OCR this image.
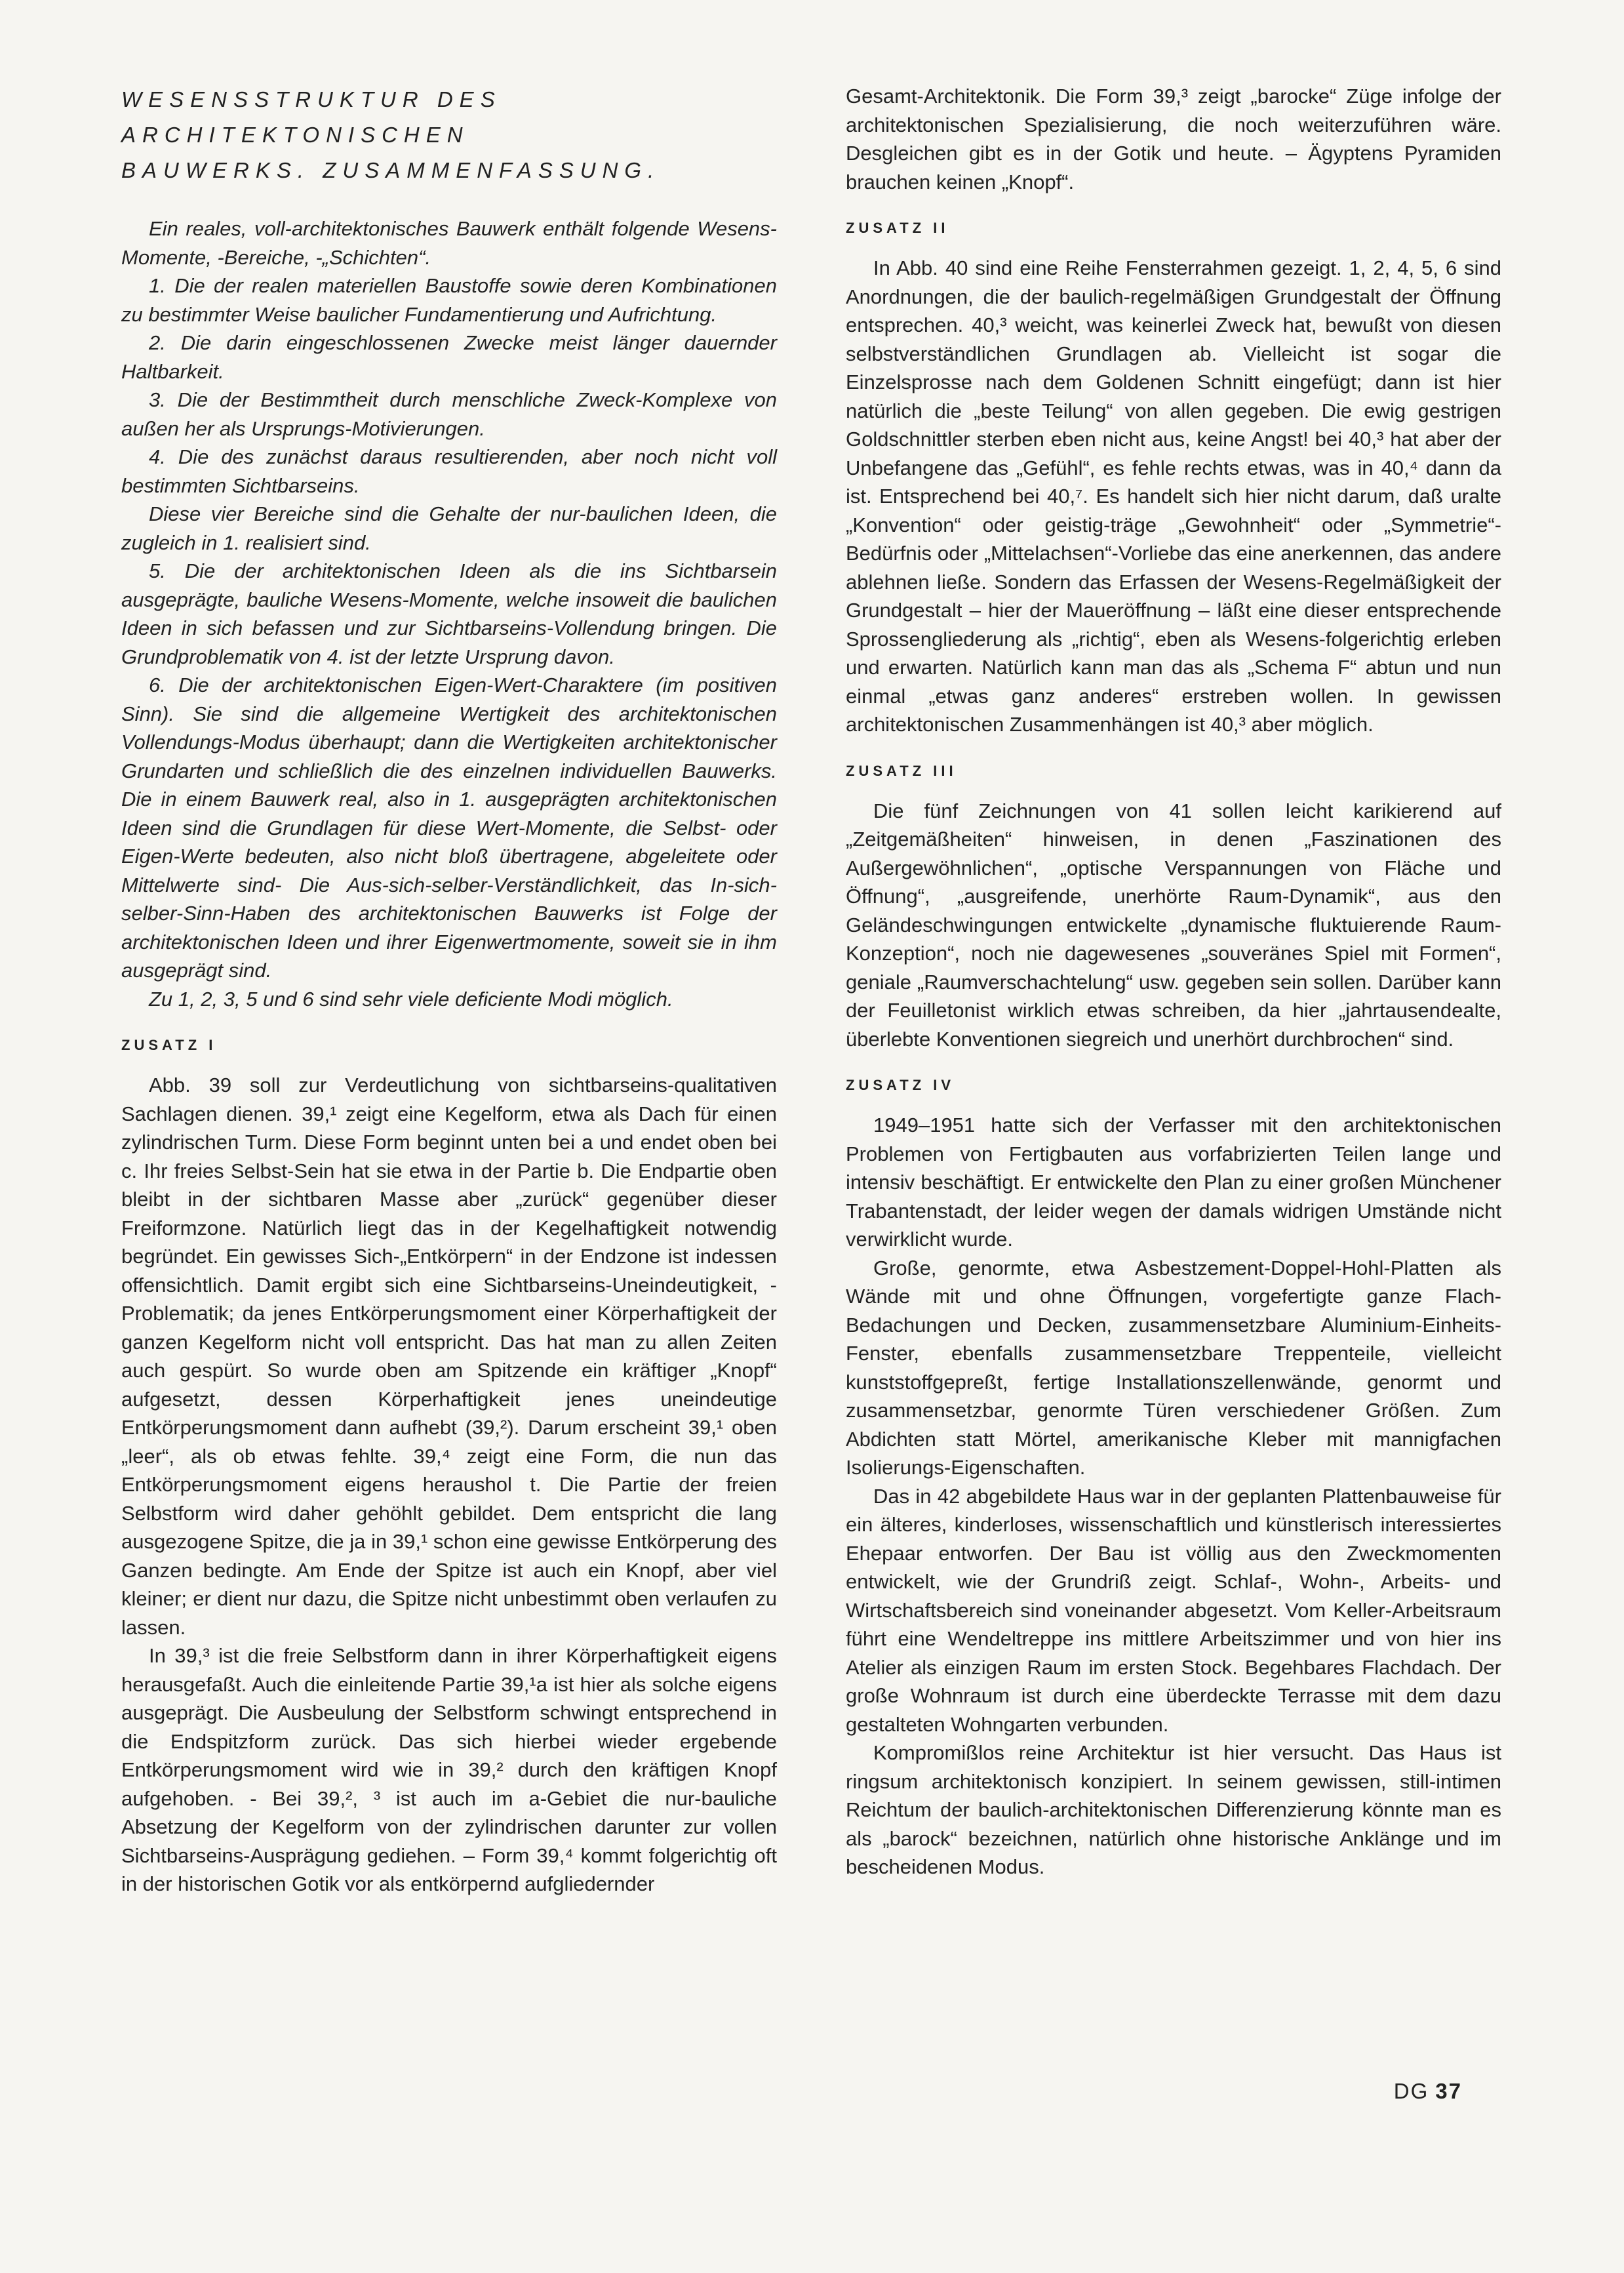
WESENSSTRUKTUR DES ARCHITEKTONISCHEN
BAUWERKS. ZUSAMMENFASSUNG.

Ein reales, voll-architektonisches Bauwerk enthält folgende Wesens-Momente, -Bereiche, -„Schichten“.

1. Die der realen materiellen Baustoffe sowie deren Kombinationen zu bestimmter Weise baulicher Fundamentierung und Aufrichtung.

2. Die darin eingeschlossenen Zwecke meist länger dauernder Haltbarkeit.

3. Die der Bestimmtheit durch menschliche Zweck-Komplexe von außen her als Ursprungs-Motivierungen.

4. Die des zunächst daraus resultierenden, aber noch nicht voll bestimmten Sichtbarseins.

Diese vier Bereiche sind die Gehalte der nur-baulichen Ideen, die zugleich in 1. realisiert sind.

5. Die der architektonischen Ideen als die ins Sichtbarsein ausgeprägte, bauliche Wesens-Momente, welche insoweit die baulichen Ideen in sich befassen und zur Sichtbarseins-Vollendung bringen. Die Grundproblematik von 4. ist der letzte Ursprung davon.

6. Die der architektonischen Eigen-Wert-Charaktere (im positiven Sinn). Sie sind die allgemeine Wertigkeit des architektonischen Vollendungs-Modus überhaupt; dann die Wertigkeiten architektonischer Grundarten und schließlich die des einzelnen individuellen Bauwerks. Die in einem Bauwerk real, also in 1. ausgeprägten architektonischen Ideen sind die Grundlagen für diese Wert-Momente, die Selbst- oder Eigen-Werte bedeuten, also nicht bloß übertragene, abgeleitete oder Mittelwerte sind- Die Aus-sich-selber-Verständlichkeit, das In-sich-selber-Sinn-Haben des architektonischen Bauwerks ist Folge der architektonischen Ideen und ihrer Eigenwertmomente, soweit sie in ihm ausgeprägt sind.

Zu 1, 2, 3, 5 und 6 sind sehr viele deficiente Modi möglich.

ZUSATZ I

Abb. 39 soll zur Verdeutlichung von sichtbarseins-qualitativen Sachlagen dienen. 39,¹ zeigt eine Kegelform, etwa als Dach für einen zylindrischen Turm. Diese Form beginnt unten bei a und endet oben bei c. Ihr freies Selbst-Sein hat sie etwa in der Partie b. Die Endpartie oben bleibt in der sichtbaren Masse aber „zurück“ gegenüber dieser Freiformzone. Natürlich liegt das in der Kegelhaftigkeit notwendig begründet. Ein gewisses Sich-„Entkörpern“ in der Endzone ist indessen offensichtlich. Damit ergibt sich eine Sichtbarseins-Uneindeutigkeit, -Problematik; da jenes Entkörperungsmoment einer Körperhaftigkeit der ganzen Kegelform nicht voll entspricht. Das hat man zu allen Zeiten auch gespürt. So wurde oben am Spitzende ein kräftiger „Knopf“ aufgesetzt, dessen Körperhaftigkeit jenes uneindeutige Entkörperungsmoment dann aufhebt (39,²). Darum erscheint 39,¹ oben „leer“, als ob etwas fehlte. 39,⁴ zeigt eine Form, die nun das Entkörperungsmoment eigens heraushol t. Die Partie der freien Selbstform wird daher gehöhlt gebildet. Dem entspricht die lang ausgezogene Spitze, die ja in 39,¹ schon eine gewisse Entkörperung des Ganzen bedingte. Am Ende der Spitze ist auch ein Knopf, aber viel kleiner; er dient nur dazu, die Spitze nicht unbestimmt oben verlaufen zu lassen.

In 39,³ ist die freie Selbstform dann in ihrer Körperhaftigkeit eigens herausgefaßt. Auch die einleitende Partie 39,¹a ist hier als solche eigens ausgeprägt. Die Ausbeulung der Selbstform schwingt entsprechend in die Endspitzform zurück. Das sich hierbei wieder ergebende Entkörperungsmoment wird wie in 39,² durch den kräftigen Knopf aufgehoben. - Bei 39,², ³ ist auch im a-Gebiet die nur-bauliche Absetzung der Kegelform von der zylindrischen darunter zur vollen Sichtbarseins-Ausprägung gediehen. – Form 39,⁴ kommt folgerichtig oft in der historischen Gotik vor als entkörpernd aufgliedernder

Gesamt-Architektonik. Die Form 39,³ zeigt „barocke“ Züge infolge der architektonischen Spezialisierung, die noch weiterzuführen wäre. Desgleichen gibt es in der Gotik und heute. – Ägyptens Pyramiden brauchen keinen „Knopf“.

ZUSATZ II

In Abb. 40 sind eine Reihe Fensterrahmen gezeigt. 1, 2, 4, 5, 6 sind Anordnungen, die der baulich-regelmäßigen Grundgestalt der Öffnung entsprechen. 40,³ weicht, was keinerlei Zweck hat, bewußt von diesen selbstverständlichen Grundlagen ab. Vielleicht ist sogar die Einzelsprosse nach dem Goldenen Schnitt eingefügt; dann ist hier natürlich die „beste Teilung“ von allen gegeben. Die ewig gestrigen Goldschnittler sterben eben nicht aus, keine Angst! bei 40,³ hat aber der Unbefangene das „Gefühl“, es fehle rechts etwas, was in 40,⁴ dann da ist. Entsprechend bei 40,⁷. Es handelt sich hier nicht darum, daß uralte „Konvention“ oder geistig-träge „Gewohnheit“ oder „Symmetrie“-Bedürfnis oder „Mittelachsen“-Vorliebe das eine anerkennen, das andere ablehnen ließe. Sondern das Erfassen der Wesens-Regelmäßigkeit der Grundgestalt – hier der Maueröffnung – läßt eine dieser entsprechende Sprossengliederung als „richtig“, eben als Wesens-folgerichtig erleben und erwarten. Natürlich kann man das als „Schema F“ abtun und nun einmal „etwas ganz anderes“ erstreben wollen. In gewissen architektonischen Zusammenhängen ist 40,³ aber möglich.

ZUSATZ III

Die fünf Zeichnungen von 41 sollen leicht karikierend auf „Zeitgemäßheiten“ hinweisen, in denen „Faszinationen des Außergewöhnlichen“, „optische Verspannungen von Fläche und Öffnung“, „ausgreifende, unerhörte Raum-Dynamik“, aus den Geländeschwingungen entwickelte „dynamische fluktuierende Raum-Konzeption“, noch nie dagewesenes „souveränes Spiel mit Formen“, geniale „Raumverschachtelung“ usw. gegeben sein sollen. Darüber kann der Feuilletonist wirklich etwas schreiben, da hier „jahrtausendealte, überlebte Konventionen siegreich und unerhört durchbrochen“ sind.

ZUSATZ IV

1949–1951 hatte sich der Verfasser mit den architektonischen Problemen von Fertigbauten aus vorfabrizierten Teilen lange und intensiv beschäftigt. Er entwickelte den Plan zu einer großen Münchener Trabantenstadt, der leider wegen der damals widrigen Umstände nicht verwirklicht wurde.

Große, genormte, etwa Asbestzement-Doppel-Hohl-Platten als Wände mit und ohne Öffnungen, vorgefertigte ganze Flach-Bedachungen und Decken, zusammensetzbare Aluminium-Einheits-Fenster, ebenfalls zusammensetzbare Treppenteile, vielleicht kunststoffgepreßt, fertige Installationszellenwände, genormt und zusammensetzbar, genormte Türen verschiedener Größen. Zum Abdichten statt Mörtel, amerikanische Kleber mit mannigfachen Isolierungs-Eigenschaften.

Das in 42 abgebildete Haus war in der geplanten Plattenbauweise für ein älteres, kinderloses, wissenschaftlich und künstlerisch interessiertes Ehepaar entworfen. Der Bau ist völlig aus den Zweckmomenten entwickelt, wie der Grundriß zeigt. Schlaf-, Wohn-, Arbeits- und Wirtschaftsbereich sind voneinander abgesetzt. Vom Keller-Arbeitsraum führt eine Wendeltreppe ins mittlere Arbeitszimmer und von hier ins Atelier als einzigen Raum im ersten Stock. Begehbares Flachdach. Der große Wohnraum ist durch eine überdeckte Terrasse mit dem dazu gestalteten Wohngarten verbunden.

Kompromißlos reine Architektur ist hier versucht. Das Haus ist ringsum architektonisch konzipiert. In seinem gewissen, still-intimen Reichtum der baulich-architektonischen Differenzierung könnte man es als „barock“ bezeichnen, natürlich ohne historische Anklänge und im bescheidenen Modus.

DG 37
